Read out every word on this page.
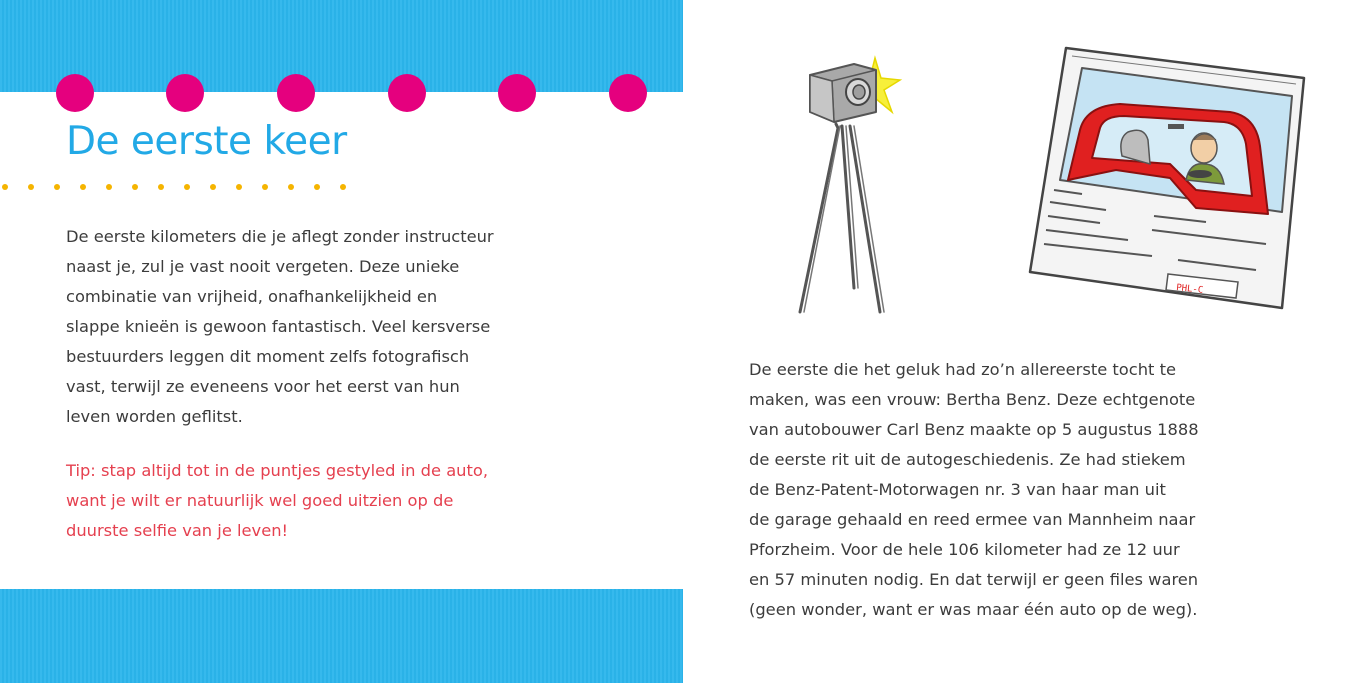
De eerste keer

De eerste kilometers die je aflegt zonder instructeur
naast je, zul je vast nooit vergeten. Deze unieke
combinatie van vrijheid, onafhankelijkheid en
slappe knieën is gewoon fantastisch. Veel kersverse
bestuurders leggen dit moment zelfs fotografisch
vast, terwijl ze eveneens voor het eerst van hun
leven worden geflitst.

Tip: stap altijd tot in de puntjes gestyled in de auto,
want je wilt er natuurlijk wel goed uitzien op de
duurste selfie van je leven!

PHL-C

De eerste die het geluk had zo’n allereerste tocht te
maken, was een vrouw: Bertha Benz. Deze echtgenote
van autobouwer Carl Benz maakte op 5 augustus 1888
de eerste rit uit de autogeschiedenis. Ze had stiekem
de Benz-Patent-Motorwagen nr. 3 van haar man uit
de garage gehaald en reed ermee van Mannheim naar
Pforzheim. Voor de hele 106 kilometer had ze 12 uur
en 57 minuten nodig. En dat terwijl er geen files waren
(geen wonder, want er was maar één auto op de weg).
